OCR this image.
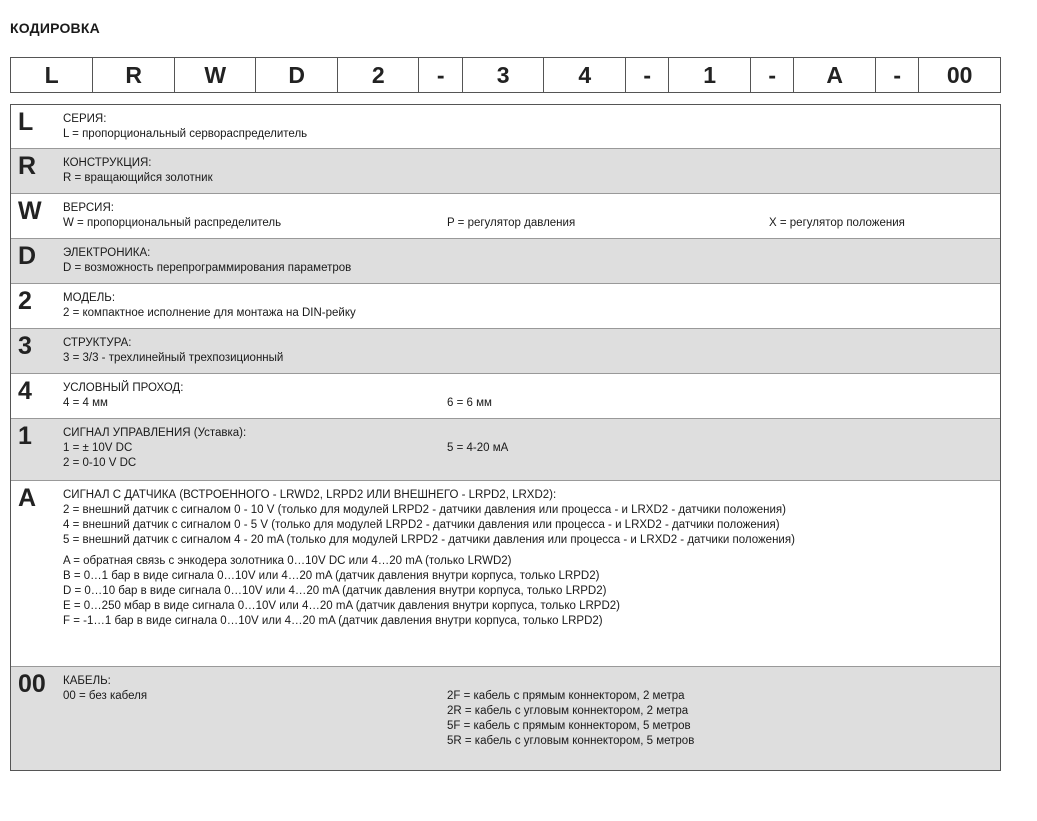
КОДИРОВКА
L	R	W	D	2	-	3	4	-	1	-	A	-	00
L	СЕРИЯ:
L = пропорциональный сервораспределитель
R	КОНСТРУКЦИЯ:
R = вращающийся золотник
W	ВЕРСИЯ:
W = пропорциональный распределитель	P = регулятор давления	X = регулятор положения
D	ЭЛЕКТРОНИКА:
D = возможность перепрограммирования параметров
2	МОДЕЛЬ:
2 = компактное исполнение для монтажа на DIN-рейку
3	СТРУКТУРА:
3 = 3/3 - трехлинейный трехпозиционный
4	УСЛОВНЫЙ ПРОХОД:
4 = 4 мм	6 = 6 мм
1	СИГНАЛ УПРАВЛЕНИЯ (Уставка):
1 = ± 10V DC	5 = 4-20 мА
2 = 0-10 V DC
A	СИГНАЛ С ДАТЧИКА (ВСТРОЕННОГО - LRWD2, LRPD2 ИЛИ ВНЕШНЕГО - LRPD2, LRXD2):
2 = внешний датчик с сигналом 0 - 10 V (только для модулей LRPD2 - датчики давления или процесса - и LRXD2 - датчики положения)
4 = внешний датчик с сигналом 0 - 5 V (только для модулей LRPD2 - датчики давления или процесса - и LRXD2 - датчики положения)
5 = внешний датчик с сигналом 4 - 20 mA (только для модулей LRPD2 - датчики давления или процесса - и LRXD2 - датчики положения)
A = обратная связь с энкодера золотника 0…10V DC или 4…20 mA (только LRWD2)
B = 0…1 бар в виде сигнала 0…10V или 4…20 mA (датчик давления внутри корпуса, только LRPD2)
D = 0…10 бар в виде сигнала 0…10V или 4…20 mA (датчик давления внутри корпуса, только LRPD2)
E = 0…250 мбар в виде сигнала 0…10V или 4…20 mA (датчик давления внутри корпуса, только LRPD2)
F = -1…1 бар в виде сигнала 0…10V или 4…20 mA (датчик давления внутри корпуса, только LRPD2)
00	КАБЕЛЬ:
00 = без кабеля	2F = кабель с прямым коннектором, 2 метра
2R = кабель с угловым коннектором, 2 метра
5F = кабель с прямым коннектором, 5 метров
5R = кабель с угловым коннектором, 5 метров
